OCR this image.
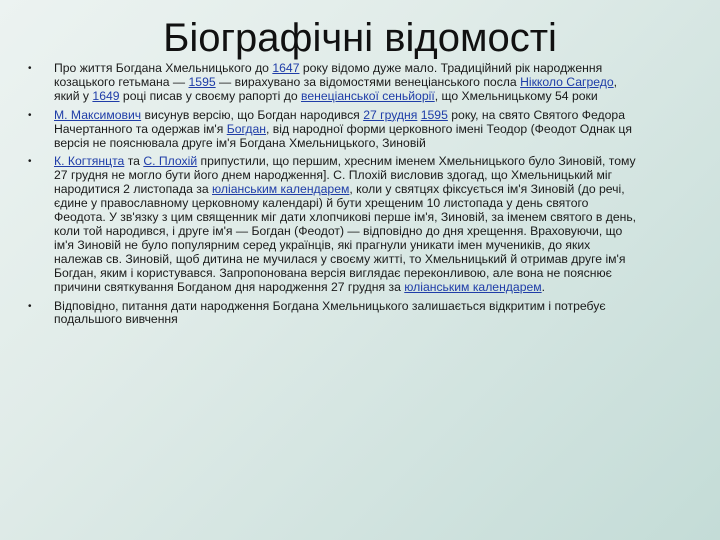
Біографічні відомості
• Про життя Богдана Хмельницького до 1647 року відомо дуже мало. Традиційний рік народження козацького гетьмана — 1595 — вирахувано за відомостями венеціанського посла Нікколо Сагредо, який у 1649 році писав у своєму рапорті до венеціанської сеньйорії, що Хмельницькому 54 роки
• М. Максимович висунув версію, що Богдан народився 27 грудня 1595 року, на свято Святого Федора Начертанного та одержав ім'я Богдан, від народної форми церковного імені Теодор (Феодот Однак ця версія не пояснювала друге ім'я Богдана Хмельницького, Зиновій
• К. Когтянцта та С. Плохій припустили, що першим, хресним іменем Хмельницького було Зиновій, тому 27 грудня не могло бути його днем народження]. С. Плохій висловив здогад, що Хмельницький міг народитися 2 листопада за юліанським календарем, коли у святцях фіксується ім'я Зиновій (до речі, єдине у православному церковному календарі) й бути хрещеним 10 листопада у день святого Феодота. У зв'язку з цим священник міг дати хлопчикові перше ім'я, Зиновій, за іменем святого в день, коли той народився, і друге ім'я — Богдан (Феодот) — відповідно до дня хрещення. Враховуючи, що ім'я Зиновій не було популярним серед українців, які прагнули уникати імен мучеників, до яких належав св. Зиновій, щоб дитина не мучилася у своєму житті, то Хмельницький й отримав друге ім'я Богдан, яким і користувався. Запропонована версія виглядає переконливою, але вона не пояснює причини святкування Богданом дня народження 27 грудня за юліанським календарем.
• Відповідно, питання дати народження Богдана Хмельницького залишається відкритим і потребує подальшого вивчення
